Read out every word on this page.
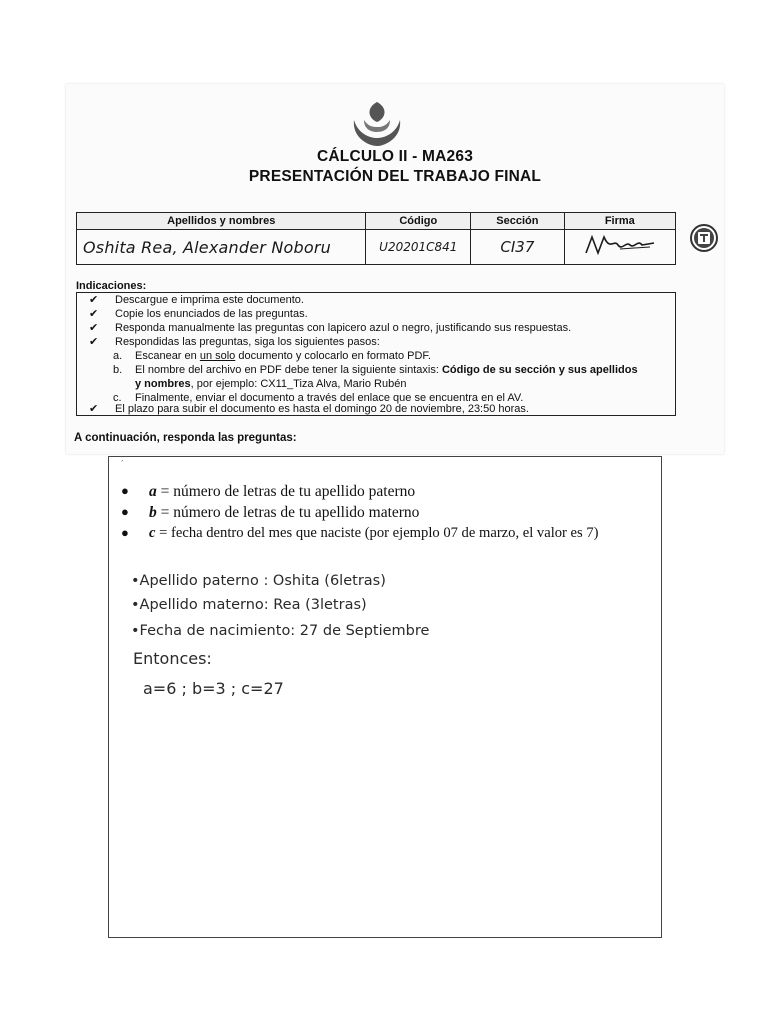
CÁLCULO II - MA263
PRESENTACIÓN DEL TRABAJO FINAL
Apellidos y nombres	Código	Sección	Firma
Oshita Rea, Alexander Noboru	U20201C841	CI37	
Indicaciones:
✔ Descargue e imprima este documento.
✔ Copie los enunciados de las preguntas.
✔ Responda manualmente las preguntas con lapicero azul o negro, justificando sus respuestas.
✔ Respondidas las preguntas, siga los siguientes pasos:
a. Escanear en un solo documento y colocarlo en formato PDF.
b. El nombre del archivo en PDF debe tener la siguiente sintaxis: Código de su sección y sus apellidos
y nombres, por ejemplo: CX11_Tiza Alva, Mario Rubén
c. Finalmente, enviar el documento a través del enlace que se encuentra en el AV.
✔ El plazo para subir el documento es hasta el domingo 20 de noviembre, 23:50 horas.
A continuación, responda las preguntas:
´
● a = número de letras de tu apellido paterno
● b = número de letras de tu apellido materno
● c = fecha dentro del mes que naciste (por ejemplo 07 de marzo, el valor es 7)
•Apellido paterno : Oshita (6letras)
•Apellido materno: Rea (3letras)
•Fecha de nacimiento: 27 de Septiembre
Entonces:
a=6 ; b=3 ; c=27
